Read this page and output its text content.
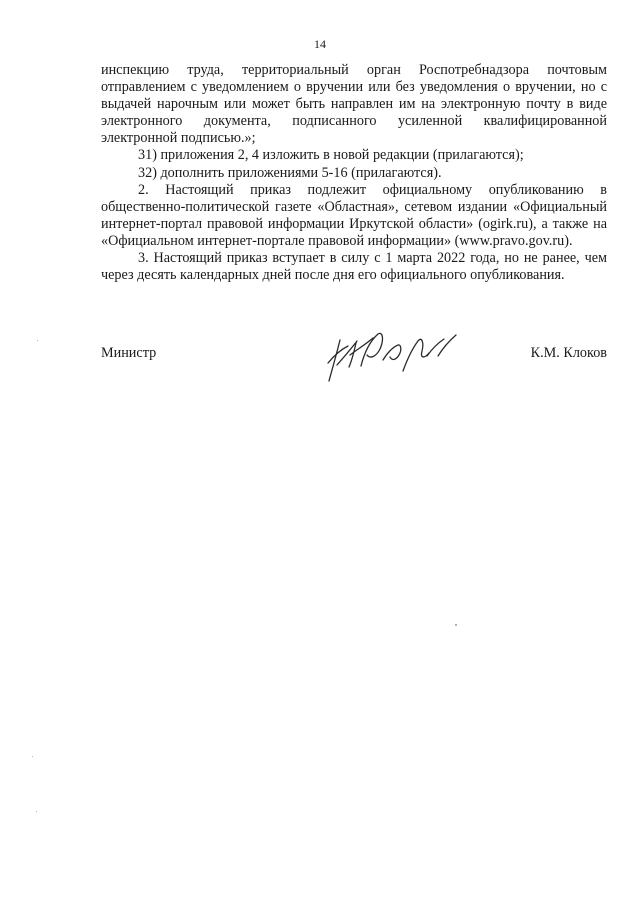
14

инспекцию труда, территориальный орган Роспотребнадзора почтовым отправлением с уведомлением о вручении или без уведомления о вручении, но с выдачей нарочным или может быть направлен им на электронную почту в виде электронного документа, подписанного усиленной квалифицированной электронной подписью.»;

31) приложения 2, 4 изложить в новой редакции (прилагаются);

32) дополнить приложениями 5-16 (прилагаются).

2. Настоящий приказ подлежит официальному опубликованию в общественно-политической газете «Областная», сетевом издании «Официальный интернет-портал правовой информации Иркутской области» (ogirk.ru), а также на «Официальном интернет-портале правовой информации» (www.pravo.gov.ru).

3. Настоящий приказ вступает в силу с 1 марта 2022 года, но не ранее, чем через десять календарных дней после дня его официального опубликования.

Министр	К.М. Клоков
